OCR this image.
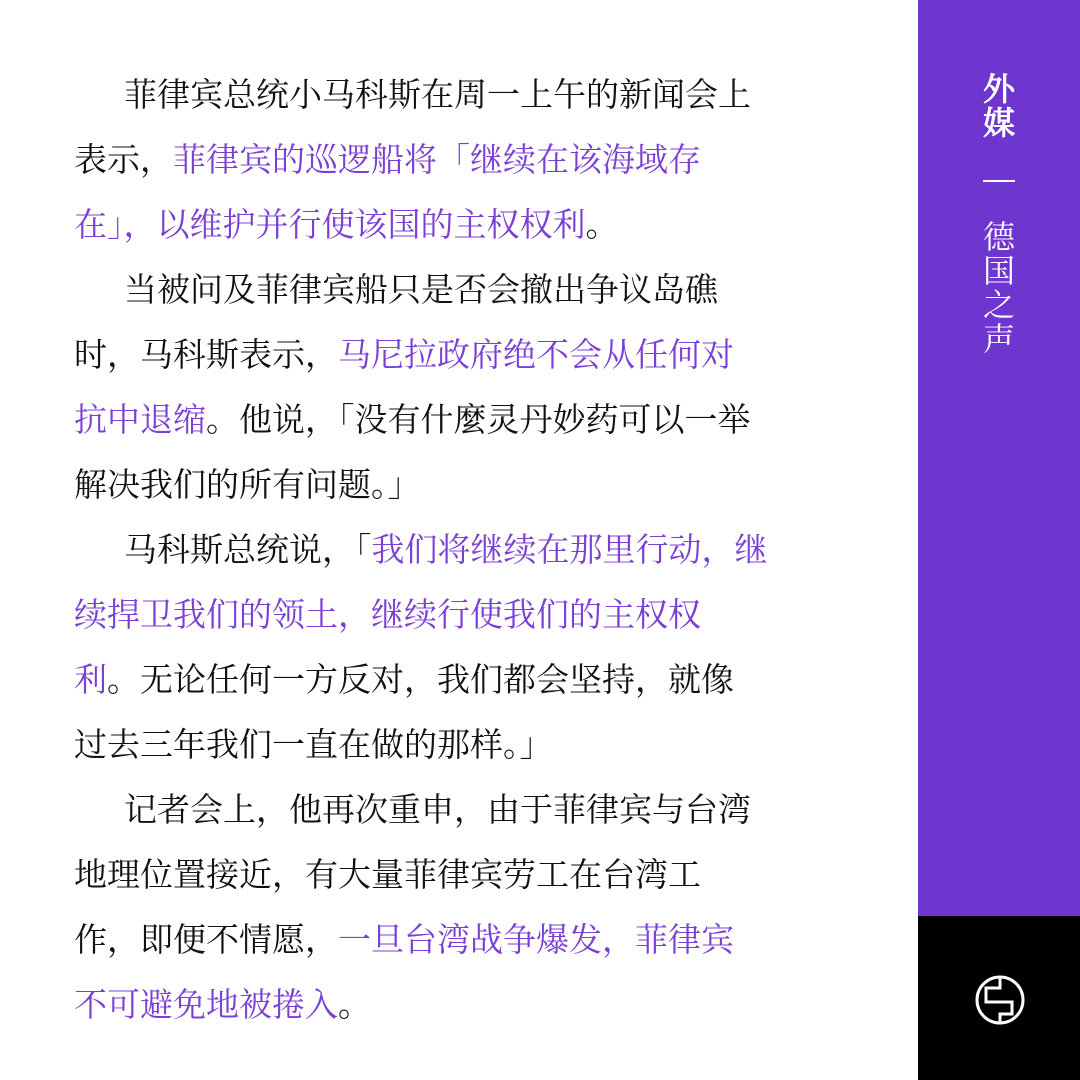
菲律宾总统小马科斯在周一上午的新闻会上
表示，菲律宾的巡逻船将「继续在该海域存
在」，以维护并行使该国的主权权利。
当被问及菲律宾船只是否会撤出争议岛礁
时，马科斯表示，马尼拉政府绝不会从任何对
抗中退缩。他说，「没有什麼灵丹妙药可以一举
解决我们的所有问题。」
马科斯总统说，「我们将继续在那里行动，继
续捍卫我们的领土，继续行使我们的主权权
利。无论任何一方反对，我们都会坚持，就像
过去三年我们一直在做的那样。」
记者会上，他再次重申，由于菲律宾与台湾
地理位置接近，有大量菲律宾劳工在台湾工
作，即便不情愿，一旦台湾战争爆发，菲律宾
不可避免地被捲入。
外
媒
德
国
之
声
